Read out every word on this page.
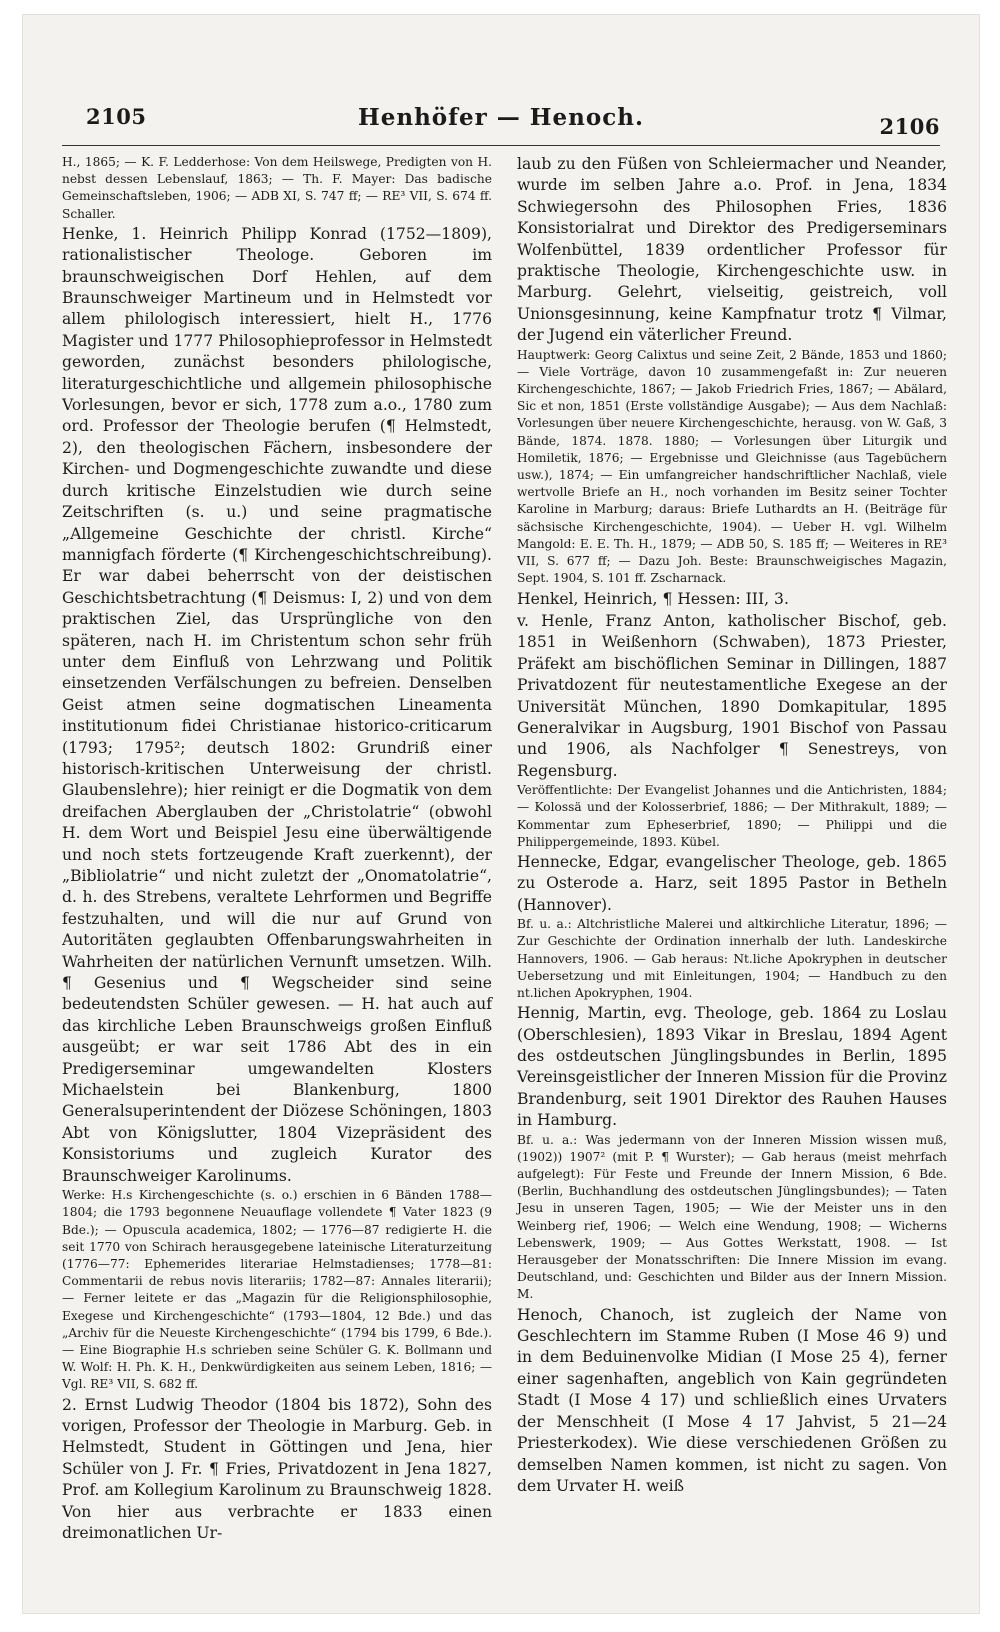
2105	Henhöfer — Henoch.	2106

H., 1865; — K. F. Ledderhose: Von dem Heilswege, Predigten von H. nebst dessen Lebenslauf, 1863; — Th. F. Mayer: Das badische Gemeinschaftsleben, 1906; — ADB XI, S. 747 ff; — RE³ VII, S. 674 ff. Schaller.

Henke, 1. Heinrich Philipp Konrad (1752—1809), rationalistischer Theologe. Geboren im braunschweigischen Dorf Hehlen, auf dem Braunschweiger Martineum und in Helmstedt vor allem philologisch interessiert, hielt H., 1776 Magister und 1777 Philosophieprofessor in Helmstedt geworden, zunächst besonders philologische, literaturgeschichtliche und allgemein philosophische Vorlesungen, bevor er sich, 1778 zum a.o., 1780 zum ord. Professor der Theologie berufen (¶ Helmstedt, 2), den theologischen Fächern, insbesondere der Kirchen- und Dogmengeschichte zuwandte und diese durch kritische Einzelstudien wie durch seine Zeitschriften (s. u.) und seine pragmatische „Allgemeine Geschichte der christl. Kirche“ mannigfach förderte (¶ Kirchengeschichtschreibung). Er war dabei beherrscht von der deistischen Geschichtsbetrachtung (¶ Deismus: I, 2) und von dem praktischen Ziel, das Ursprüngliche von den späteren, nach H. im Christentum schon sehr früh unter dem Einfluß von Lehrzwang und Politik einsetzenden Verfälschungen zu befreien. Denselben Geist atmen seine dogmatischen Lineamenta institutionum fidei Christianae historico-criticarum (1793; 1795²; deutsch 1802: Grundriß einer historisch-kritischen Unterweisung der christl. Glaubenslehre); hier reinigt er die Dogmatik von dem dreifachen Aberglauben der „Christolatrie“ (obwohl H. dem Wort und Beispiel Jesu eine überwältigende und noch stets fortzeugende Kraft zuerkennt), der „Bibliolatrie“ und nicht zuletzt der „Onomatolatrie“, d. h. des Strebens, veraltete Lehrformen und Begriffe festzuhalten, und will die nur auf Grund von Autoritäten geglaubten Offenbarungswahrheiten in Wahrheiten der natürlichen Vernunft umsetzen. Wilh. ¶ Gesenius und ¶ Wegscheider sind seine bedeutendsten Schüler gewesen. — H. hat auch auf das kirchliche Leben Braunschweigs großen Einfluß ausgeübt; er war seit 1786 Abt des in ein Predigerseminar umgewandelten Klosters Michaelstein bei Blankenburg, 1800 Generalsuperintendent der Diözese Schöningen, 1803 Abt von Königslutter, 1804 Vizepräsident des Konsistoriums und zugleich Kurator des Braunschweiger Karolinums.

Werke: H.s Kirchengeschichte (s. o.) erschien in 6 Bänden 1788—1804; die 1793 begonnene Neuauflage vollendete ¶ Vater 1823 (9 Bde.); — Opuscula academica, 1802; — 1776—87 redigierte H. die seit 1770 von Schirach herausgegebene lateinische Literaturzeitung (1776—77: Ephemerides literariae Helmstadienses; 1778—81: Commentarii de rebus novis literariis; 1782—87: Annales literarii); — Ferner leitete er das „Magazin für die Religionsphilosophie, Exegese und Kirchengeschichte“ (1793—1804, 12 Bde.) und das „Archiv für die Neueste Kirchengeschichte“ (1794 bis 1799, 6 Bde.). — Eine Biographie H.s schrieben seine Schüler G. K. Bollmann und W. Wolf: H. Ph. K. H., Denkwürdigkeiten aus seinem Leben, 1816; — Vgl. RE³ VII, S. 682 ff.

2. Ernst Ludwig Theodor (1804 bis 1872), Sohn des vorigen, Professor der Theologie in Marburg. Geb. in Helmstedt, Student in Göttingen und Jena, hier Schüler von J. Fr. ¶ Fries, Privatdozent in Jena 1827, Prof. am Kollegium Karolinum zu Braunschweig 1828. Von hier aus verbrachte er 1833 einen dreimonatlichen Ur-

laub zu den Füßen von Schleiermacher und Neander, wurde im selben Jahre a.o. Prof. in Jena, 1834 Schwiegersohn des Philosophen Fries, 1836 Konsistorialrat und Direktor des Predigerseminars Wolfenbüttel, 1839 ordentlicher Professor für praktische Theologie, Kirchengeschichte usw. in Marburg. Gelehrt, vielseitig, geistreich, voll Unionsgesinnung, keine Kampfnatur trotz ¶ Vilmar, der Jugend ein väterlicher Freund.

Hauptwerk: Georg Calixtus und seine Zeit, 2 Bände, 1853 und 1860; — Viele Vorträge, davon 10 zusammengefaßt in: Zur neueren Kirchengeschichte, 1867; — Jakob Friedrich Fries, 1867; — Abälard, Sic et non, 1851 (Erste vollständige Ausgabe); — Aus dem Nachlaß: Vorlesungen über neuere Kirchengeschichte, herausg. von W. Gaß, 3 Bände, 1874. 1878. 1880; — Vorlesungen über Liturgik und Homiletik, 1876; — Ergebnisse und Gleichnisse (aus Tagebüchern usw.), 1874; — Ein umfangreicher handschriftlicher Nachlaß, viele wertvolle Briefe an H., noch vorhanden im Besitz seiner Tochter Karoline in Marburg; daraus: Briefe Luthardts an H. (Beiträge für sächsische Kirchengeschichte, 1904). — Ueber H. vgl. Wilhelm Mangold: E. E. Th. H., 1879; — ADB 50, S. 185 ff; — Weiteres in RE³ VII, S. 677 ff; — Dazu Joh. Beste: Braunschweigisches Magazin, Sept. 1904, S. 101 ff. Zscharnack.

Henkel, Heinrich, ¶ Hessen: III, 3.

v. Henle, Franz Anton, katholischer Bischof, geb. 1851 in Weißenhorn (Schwaben), 1873 Priester, Präfekt am bischöflichen Seminar in Dillingen, 1887 Privatdozent für neutestamentliche Exegese an der Universität München, 1890 Domkapitular, 1895 Generalvikar in Augsburg, 1901 Bischof von Passau und 1906, als Nachfolger ¶ Senestreys, von Regensburg.

Veröffentlichte: Der Evangelist Johannes und die Antichristen, 1884; — Kolossä und der Kolosserbrief, 1886; — Der Mithrakult, 1889; — Kommentar zum Epheserbrief, 1890; — Philippi und die Philippergemeinde, 1893. Kübel.

Hennecke, Edgar, evangelischer Theologe, geb. 1865 zu Osterode a. Harz, seit 1895 Pastor in Betheln (Hannover).

Bf. u. a.: Altchristliche Malerei und altkirchliche Literatur, 1896; — Zur Geschichte der Ordination innerhalb der luth. Landeskirche Hannovers, 1906. — Gab heraus: Nt.liche Apokryphen in deutscher Uebersetzung und mit Einleitungen, 1904; — Handbuch zu den nt.lichen Apokryphen, 1904.

Hennig, Martin, evg. Theologe, geb. 1864 zu Loslau (Oberschlesien), 1893 Vikar in Breslau, 1894 Agent des ostdeutschen Jünglingsbundes in Berlin, 1895 Vereinsgeistlicher der Inneren Mission für die Provinz Brandenburg, seit 1901 Direktor des Rauhen Hauses in Hamburg.

Bf. u. a.: Was jedermann von der Inneren Mission wissen muß, (1902)) 1907² (mit P. ¶ Wurster); — Gab heraus (meist mehrfach aufgelegt): Für Feste und Freunde der Innern Mission, 6 Bde. (Berlin, Buchhandlung des ostdeutschen Jünglingsbundes); — Taten Jesu in unseren Tagen, 1905; — Wie der Meister uns in den Weinberg rief, 1906; — Welch eine Wendung, 1908; — Wicherns Lebenswerk, 1909; — Aus Gottes Werkstatt, 1908. — Ist Herausgeber der Monatsschriften: Die Innere Mission im evang. Deutschland, und: Geschichten und Bilder aus der Innern Mission. M.

Henoch, Chanoch, ist zugleich der Name von Geschlechtern im Stamme Ruben (I Mose 46 9) und in dem Beduinenvolke Midian (I Mose 25 4), ferner einer sagenhaften, angeblich von Kain gegründeten Stadt (I Mose 4 17) und schließlich eines Urvaters der Menschheit (I Mose 4 17 Jahvist, 5 21—24 Priesterkodex). Wie diese verschiedenen Größen zu demselben Namen kommen, ist nicht zu sagen. Von dem Urvater H. weiß
